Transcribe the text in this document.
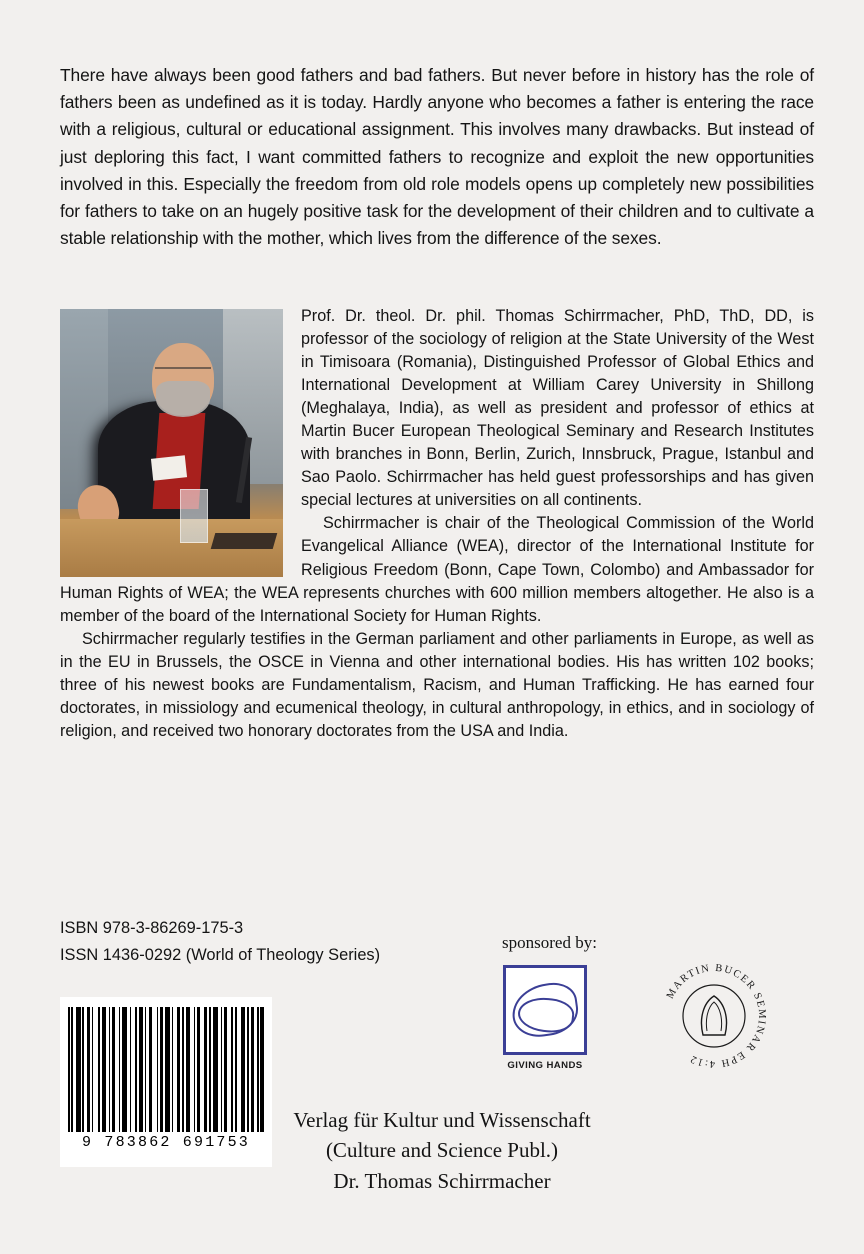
There have always been good fathers and bad fathers. But never before in history has the role of fathers been as undefined as it is today. Hardly anyone who becomes a father is entering the race with a religious, cultural or educational assignment. This involves many drawbacks. But instead of just deploring this fact, I want committed fathers to recognize and exploit the new opportunities involved in this. Especially the freedom from old role models opens up completely new possibilities for fathers to take on an hugely positive task for the development of their children and to cultivate a stable relationship with the mother, which lives from the difference of the sexes.

Prof. Dr. theol. Dr. phil. Thomas Schirrmacher, PhD, ThD, DD, is professor of the sociology of religion at the State University of the West in Timisoara (Romania), Distinguished Professor of Global Ethics and International Development at William Carey University in Shillong (Meghalaya, India), as well as president and professor of ethics at Martin Bucer European Theological Seminary and Research Institutes with branches in Bonn, Berlin, Zurich, Innsbruck, Prague, Istanbul and Sao Paolo. Schirrmacher has held guest professorships and has given special lectures at universities on all continents.

Schirrmacher is chair of the Theological Commission of the World Evangelical Alliance (WEA), director of the International Institute for Religious Freedom (Bonn, Cape Town, Colombo) and Ambassador for Human Rights of WEA; the WEA represents churches with 600 million members altogether. He also is a member of the board of the International Society for Human Rights.

Schirrmacher regularly testifies in the German parliament and other parliaments in Europe, as well as in the EU in Brussels, the OSCE in Vienna and other international bodies. His has written 102 books; three of his newest books are Fundamentalism, Racism, and Human Trafficking. He has earned four doctorates, in missiology and ecumenical theology, in cultural anthropology, in ethics, and in sociology of religion, and received two honorary doctorates from the USA and India.

ISBN 978-3-86269-175-3
ISSN 1436-0292 (World of Theology Series)
sponsored by:
9 783862 691753
GIVING HANDS
MARTIN BUCER SEMINAR EPH 4:12
Verlag für Kultur und Wissenschaft
(Culture and Science Publ.)
Dr. Thomas Schirrmacher
